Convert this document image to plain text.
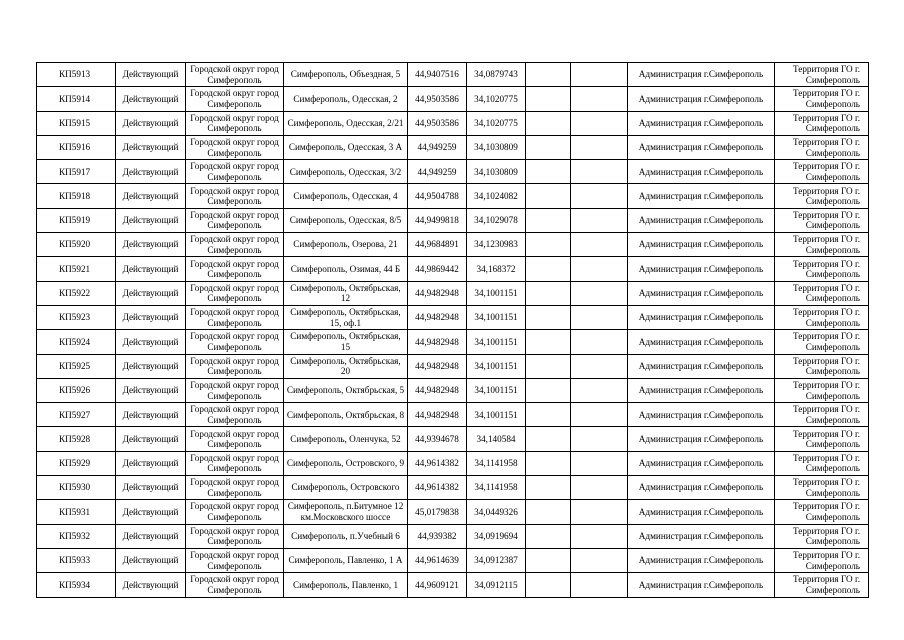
КП5913	Действующий	Городской округ город Симферополь	Симферополь, Объездная, 5	44,9407516	34,0879743			Администрация г.Симферополь	Территория ГО г. Симферополь
КП5914	Действующий	Городской округ город Симферополь	Симферополь, Одесская, 2	44,9503586	34,1020775			Администрация г.Симферополь	Территория ГО г. Симферополь
КП5915	Действующий	Городской округ город Симферополь	Симферополь, Одесская, 2/21	44,9503586	34,1020775			Администрация г.Симферополь	Территория ГО г. Симферополь
КП5916	Действующий	Городской округ город Симферополь	Симферополь, Одесская, 3 А	44,949259	34,1030809			Администрация г.Симферополь	Территория ГО г. Симферополь
КП5917	Действующий	Городской округ город Симферополь	Симферополь, Одесская, 3/2	44,949259	34,1030809			Администрация г.Симферополь	Территория ГО г. Симферополь
КП5918	Действующий	Городской округ город Симферополь	Симферополь, Одесская, 4	44,9504788	34,1024082			Администрация г.Симферополь	Территория ГО г. Симферополь
КП5919	Действующий	Городской округ город Симферополь	Симферополь, Одесская, 8/5	44,9499818	34,1029078			Администрация г.Симферополь	Территория ГО г. Симферополь
КП5920	Действующий	Городской округ город Симферополь	Симферополь, Озерова, 21	44,9684891	34,1230983			Администрация г.Симферополь	Территория ГО г. Симферополь
КП5921	Действующий	Городской округ город Симферополь	Симферополь, Озимая, 44 Б	44,9869442	34,168372			Администрация г.Симферополь	Территория ГО г. Симферополь
КП5922	Действующий	Городской округ город Симферополь	Симферополь, Октябрьская, 12	44,9482948	34,1001151			Администрация г.Симферополь	Территория ГО г. Симферополь
КП5923	Действующий	Городской округ город Симферополь	Симферополь, Октябрьская, 15, оф.1	44,9482948	34,1001151			Администрация г.Симферополь	Территория ГО г. Симферополь
КП5924	Действующий	Городской округ город Симферополь	Симферополь, Октябрьская, 15	44,9482948	34,1001151			Администрация г.Симферополь	Территория ГО г. Симферополь
КП5925	Действующий	Городской округ город Симферополь	Симферополь, Октябрьская, 20	44,9482948	34,1001151			Администрация г.Симферополь	Территория ГО г. Симферополь
КП5926	Действующий	Городской округ город Симферополь	Симферополь, Октябрьская, 5	44,9482948	34,1001151			Администрация г.Симферополь	Территория ГО г. Симферополь
КП5927	Действующий	Городской округ город Симферополь	Симферополь, Октябрьская, 8	44,9482948	34,1001151			Администрация г.Симферополь	Территория ГО г. Симферополь
КП5928	Действующий	Городской округ город Симферополь	Симферополь, Оленчука, 52	44,9394678	34,140584			Администрация г.Симферополь	Территория ГО г. Симферополь
КП5929	Действующий	Городской округ город Симферополь	Симферополь, Островского, 9	44,9614382	34,1141958			Администрация г.Симферополь	Территория ГО г. Симферополь
КП5930	Действующий	Городской округ город Симферополь	Симферополь, Островского	44,9614382	34,1141958			Администрация г.Симферополь	Территория ГО г. Симферополь
КП5931	Действующий	Городской округ город Симферополь	Симферополь, п.Битумное 12 км.Московского шоссе	45,0179838	34,0449326			Администрация г.Симферополь	Территория ГО г. Симферополь
КП5932	Действующий	Городской округ город Симферополь	Симферополь, п.Учебный 6	44,939382	34,0919694			Администрация г.Симферополь	Территория ГО г. Симферополь
КП5933	Действующий	Городской округ город Симферополь	Симферополь, Павленко, 1 А	44,9614639	34,0912387			Администрация г.Симферополь	Территория ГО г. Симферополь
КП5934	Действующий	Городской округ город Симферополь	Симферополь, Павленко, 1	44,9609121	34,0912115			Администрация г.Симферополь	Территория ГО г. Симферополь
